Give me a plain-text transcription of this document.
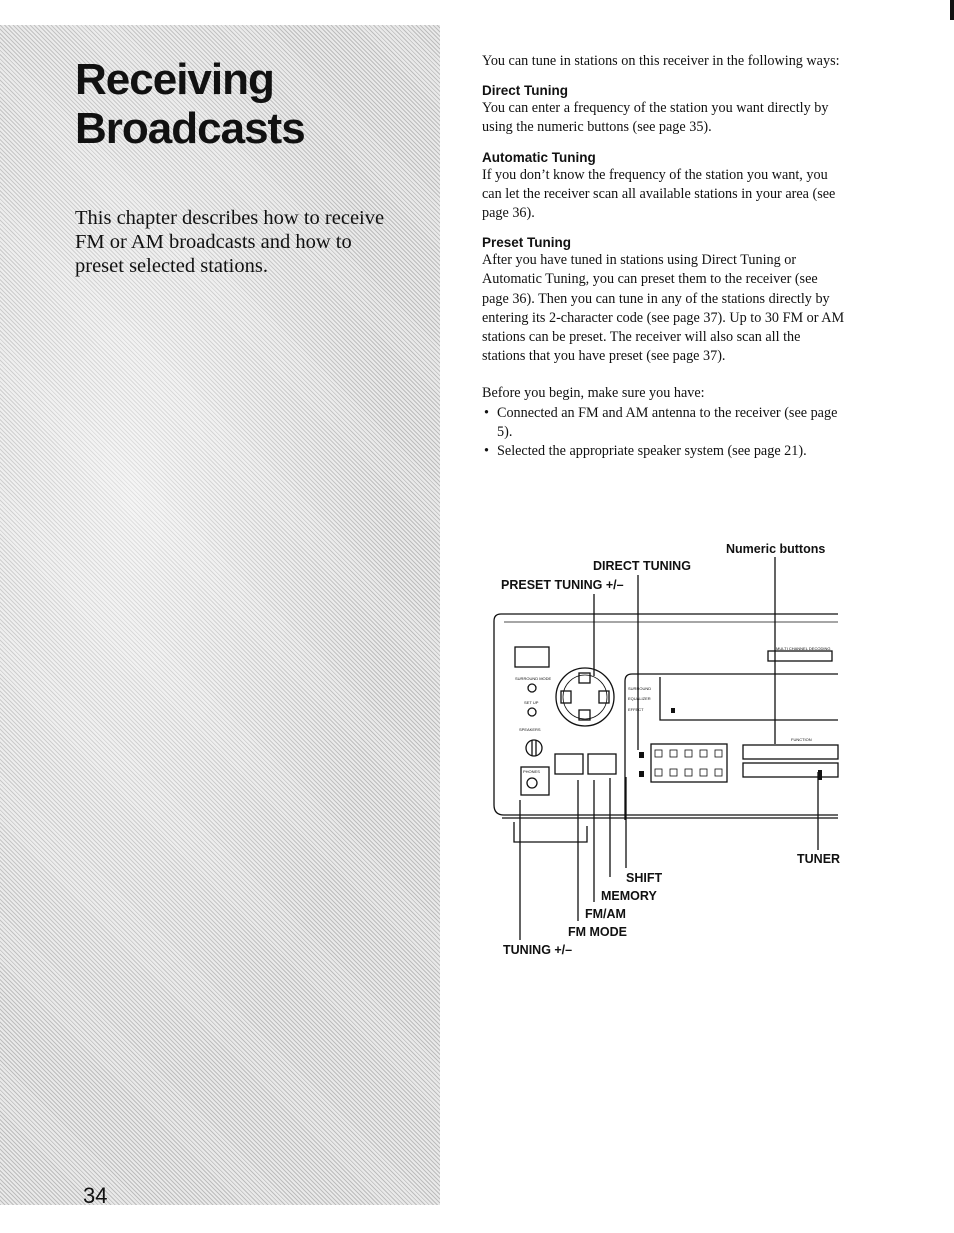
Receiving
Broadcasts

This chapter describes how to receive FM or AM broadcasts and how to preset selected stations.

34

You can tune in stations on this receiver in the following ways:

Direct Tuning

You can enter a frequency of the station you want directly by using the numeric buttons (see page 35).

Automatic Tuning

If you don’t know the frequency of the station you want, you can let the receiver scan all available stations in your area (see page 36).

Preset Tuning

After you have tuned in stations using Direct Tuning or Automatic Tuning, you can preset them to the receiver (see page 36). Then you can tune in any of the stations directly by entering its 2-character code (see page 37). Up to 30 FM or AM stations can be preset. The receiver will also scan all the stations that you have preset (see page 37).

Before you begin, make sure you have:

• Connected an FM and AM antenna to the receiver (see page 5).
• Selected the appropriate speaker system (see page 21).
SURROUND MODE
SET UP
SPEAKERS
PHONES
SURROUND
EQUALIZER
EFFECT
MULTI CHANNEL DECODING
FUNCTION
Numeric buttons
DIRECT TUNING
PRESET TUNING +/–
TUNER
SHIFT
MEMORY
FM/AM
FM MODE
TUNING +/–
